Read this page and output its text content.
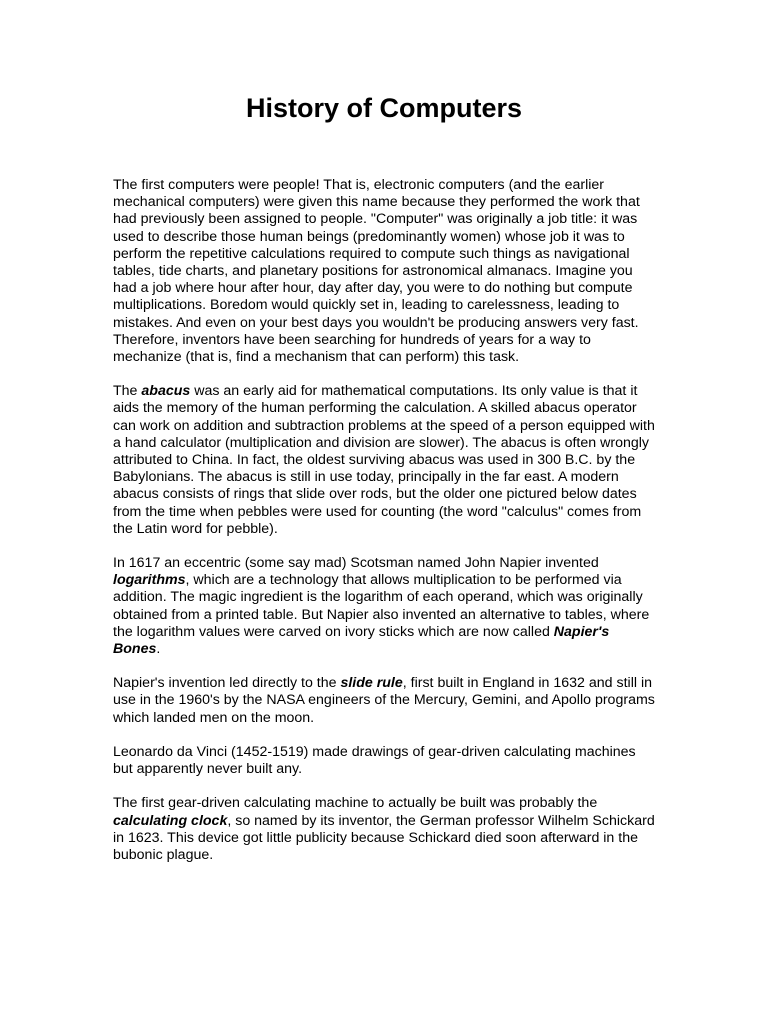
History of Computers

The first computers were people! That is, electronic computers (and the earlier mechanical computers) were given this name because they performed the work that had previously been assigned to people. "Computer" was originally a job title: it was used to describe those human beings (predominantly women) whose job it was to perform the repetitive calculations required to compute such things as navigational tables, tide charts, and planetary positions for astronomical almanacs. Imagine you had a job where hour after hour, day after day, you were to do nothing but compute multiplications. Boredom would quickly set in, leading to carelessness, leading to mistakes. And even on your best days you wouldn't be producing answers very fast. Therefore, inventors have been searching for hundreds of years for a way to mechanize (that is, find a mechanism that can perform) this task.

The abacus was an early aid for mathematical computations. Its only value is that it aids the memory of the human performing the calculation. A skilled abacus operator can work on addition and subtraction problems at the speed of a person equipped with a hand calculator (multiplication and division are slower). The abacus is often wrongly attributed to China. In fact, the oldest surviving abacus was used in 300 B.C. by the Babylonians. The abacus is still in use today, principally in the far east. A modern abacus consists of rings that slide over rods, but the older one pictured below dates from the time when pebbles were used for counting (the word "calculus" comes from the Latin word for pebble).

In 1617 an eccentric (some say mad) Scotsman named John Napier invented logarithms, which are a technology that allows multiplication to be performed via addition. The magic ingredient is the logarithm of each operand, which was originally obtained from a printed table. But Napier also invented an alternative to tables, where the logarithm values were carved on ivory sticks which are now called Napier's Bones.

Napier's invention led directly to the slide rule, first built in England in 1632 and still in use in the 1960's by the NASA engineers of the Mercury, Gemini, and Apollo programs which landed men on the moon.

Leonardo da Vinci (1452-1519) made drawings of gear-driven calculating machines but apparently never built any.

The first gear-driven calculating machine to actually be built was probably the calculating clock, so named by its inventor, the German professor Wilhelm Schickard in 1623. This device got little publicity because Schickard died soon afterward in the bubonic plague.
